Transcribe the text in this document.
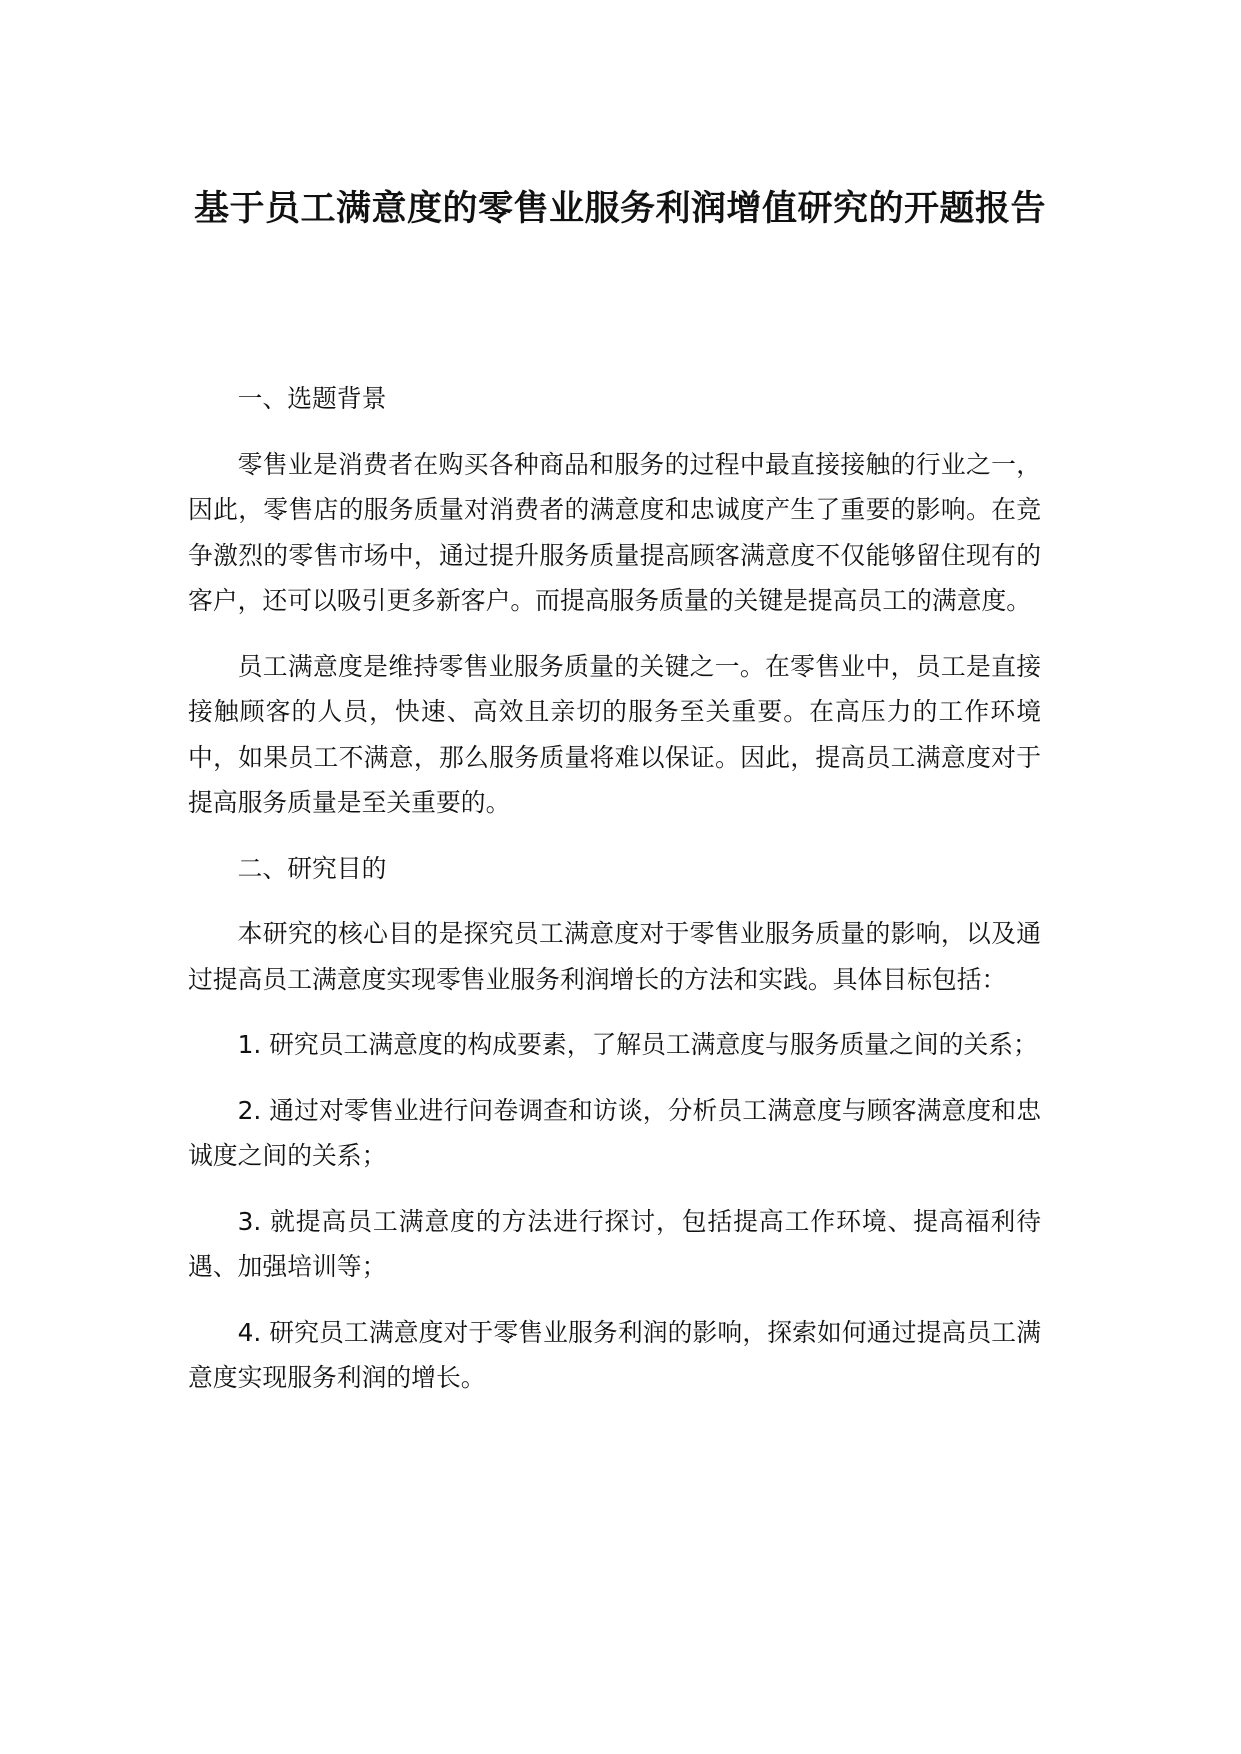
基于员工满意度的零售业服务利润增值研究的开题报告

一、选题背景

零售业是消费者在购买各种商品和服务的过程中最直接接触的行业之一，因此，零售店的服务质量对消费者的满意度和忠诚度产生了重要的影响。在竞争激烈的零售市场中，通过提升服务质量提高顾客满意度不仅能够留住现有的客户，还可以吸引更多新客户。而提高服务质量的关键是提高员工的满意度。

员工满意度是维持零售业服务质量的关键之一。在零售业中，员工是直接接触顾客的人员，快速、高效且亲切的服务至关重要。在高压力的工作环境中，如果员工不满意，那么服务质量将难以保证。因此，提高员工满意度对于提高服务质量是至关重要的。

二、研究目的

本研究的核心目的是探究员工满意度对于零售业服务质量的影响，以及通过提高员工满意度实现零售业服务利润增长的方法和实践。具体目标包括：

1. 研究员工满意度的构成要素，了解员工满意度与服务质量之间的关系；

2. 通过对零售业进行问卷调查和访谈，分析员工满意度与顾客满意度和忠诚度之间的关系；

3. 就提高员工满意度的方法进行探讨，包括提高工作环境、提高福利待遇、加强培训等；

4. 研究员工满意度对于零售业服务利润的影响，探索如何通过提高员工满意度实现服务利润的增长。
